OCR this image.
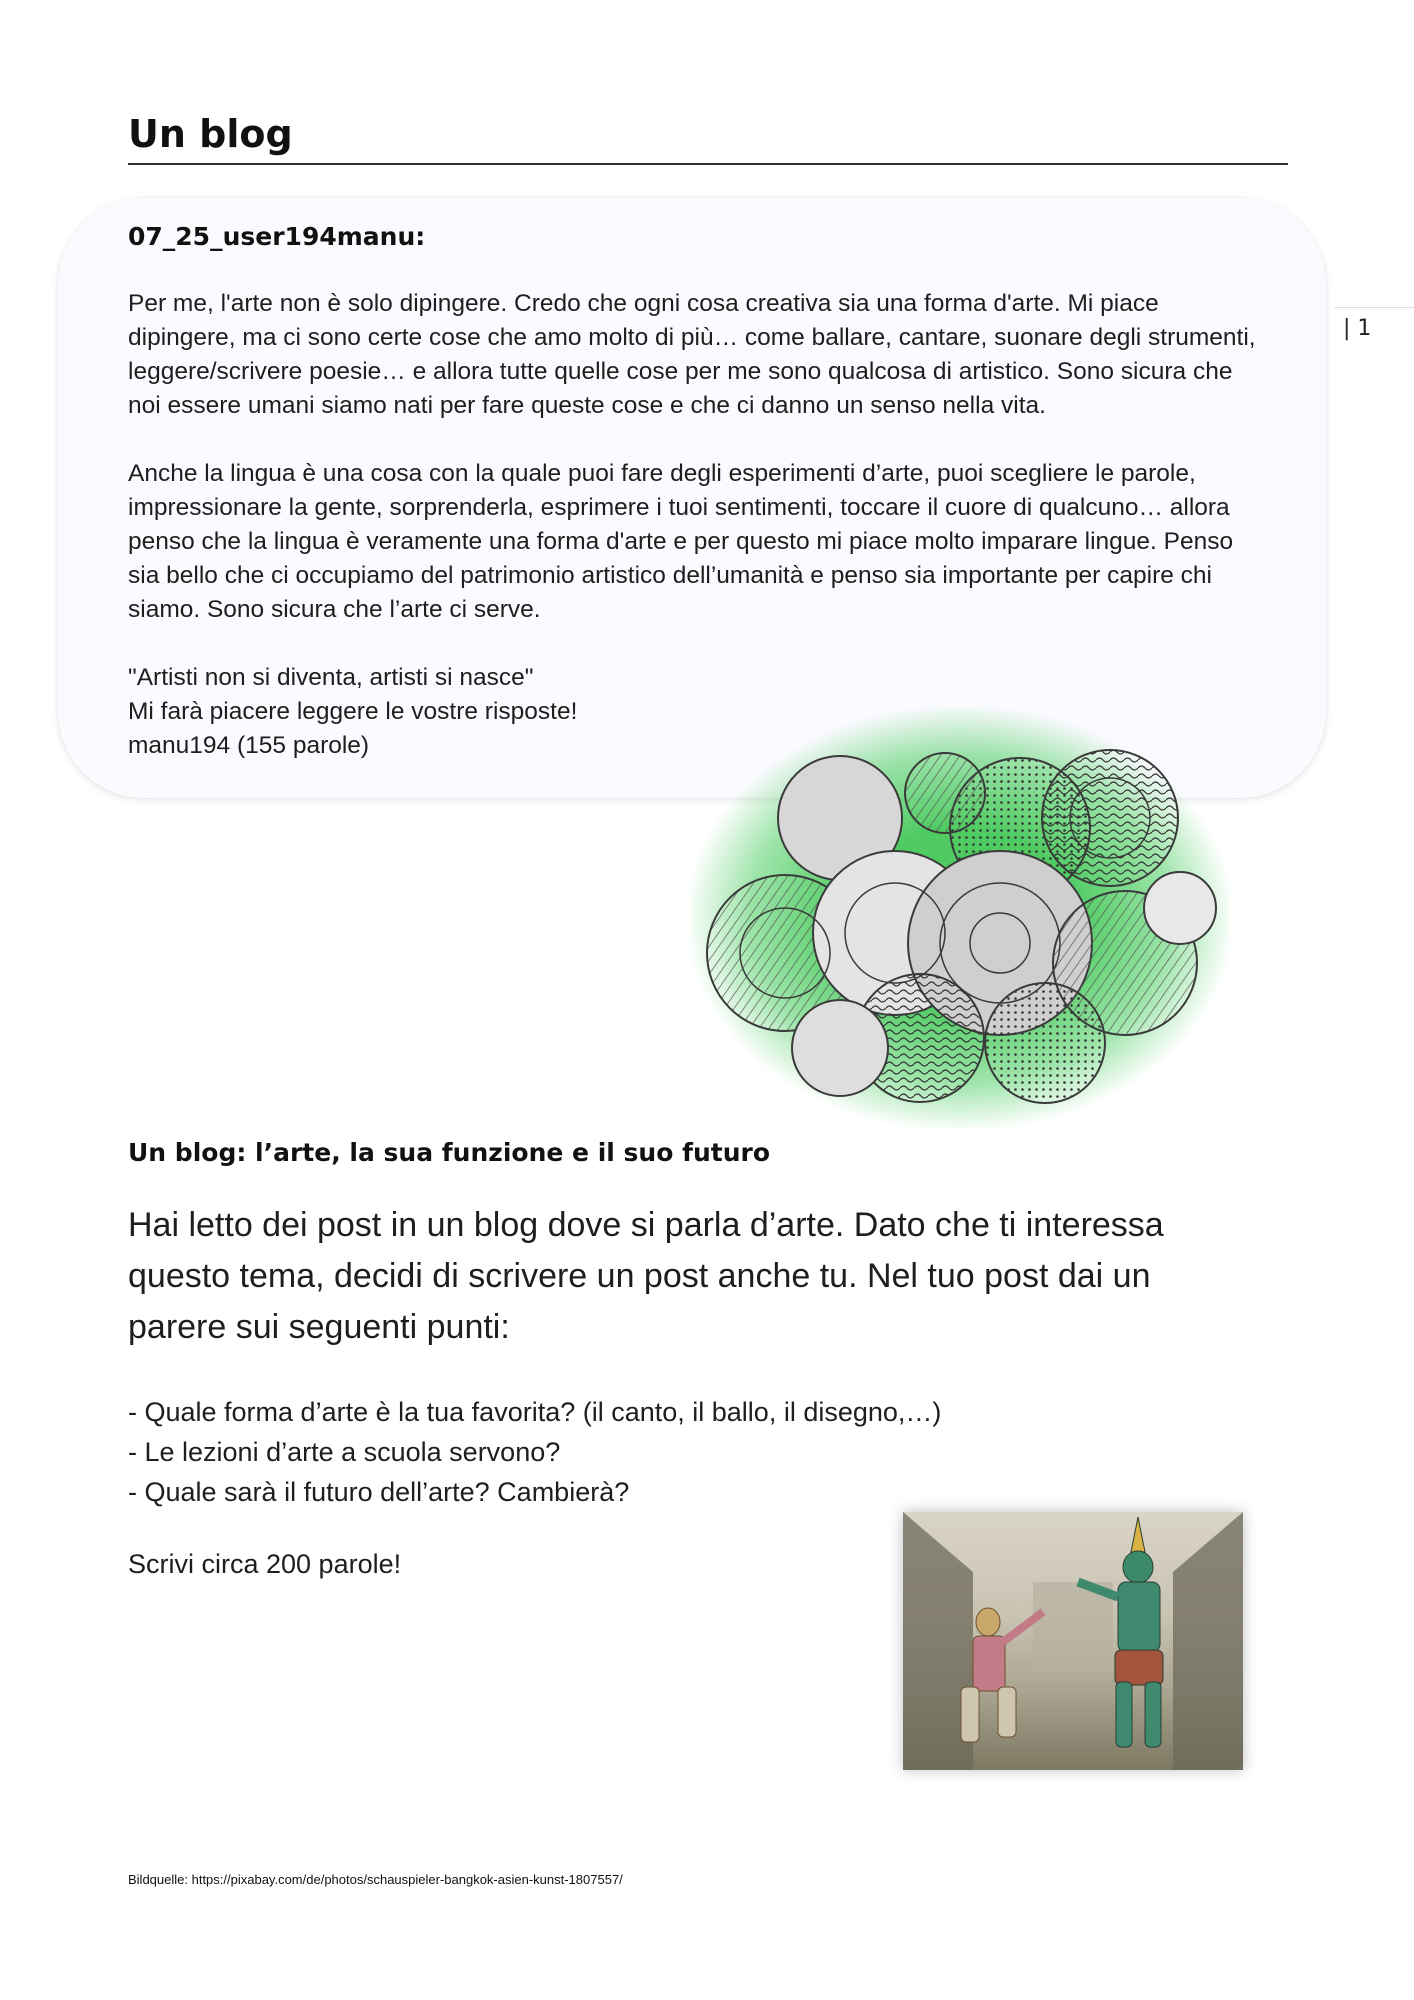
Un blog
| 1

07_25_user194manu:

Per me, l'arte non è solo dipingere. Credo che ogni cosa creativa sia una forma d'arte. Mi piace dipingere, ma ci sono certe cose che amo molto di più… come ballare, cantare, suonare degli strumenti, leggere/scrivere poesie… e allora tutte quelle cose per me sono qualcosa di artistico. Sono sicura che noi essere umani siamo nati per fare queste cose e che ci danno un senso nella vita.

Anche la lingua è una cosa con la quale puoi fare degli esperimenti d’arte, puoi scegliere le parole, impressionare la gente, sorprenderla, esprimere i tuoi sentimenti, toccare il cuore di qualcuno… allora penso che la lingua è veramente una forma d'arte e per questo mi piace molto imparare lingue. Penso sia bello che ci occupiamo del patrimonio artistico dell’umanità e penso sia importante per capire chi siamo. Sono sicura che l’arte ci serve.

"Artisti non si diventa, artisti si nasce"
Mi farà piacere leggere le vostre risposte!
manu194 (155 parole)

Un blog: l’arte, la sua funzione e il suo futuro

Hai letto dei post in un blog dove si parla d’arte. Dato che ti interessa questo tema, decidi di scrivere un post anche tu. Nel tuo post dai un parere sui seguenti punti:

- Quale forma d’arte è la tua favorita? (il canto, il ballo, il disegno,…)
- Le lezioni d’arte a scuola servono?
- Quale sarà il futuro dell’arte? Cambierà?

Scrivi circa 200 parole!

Bildquelle: https://pixabay.com/de/photos/schauspieler-bangkok-asien-kunst-1807557/
